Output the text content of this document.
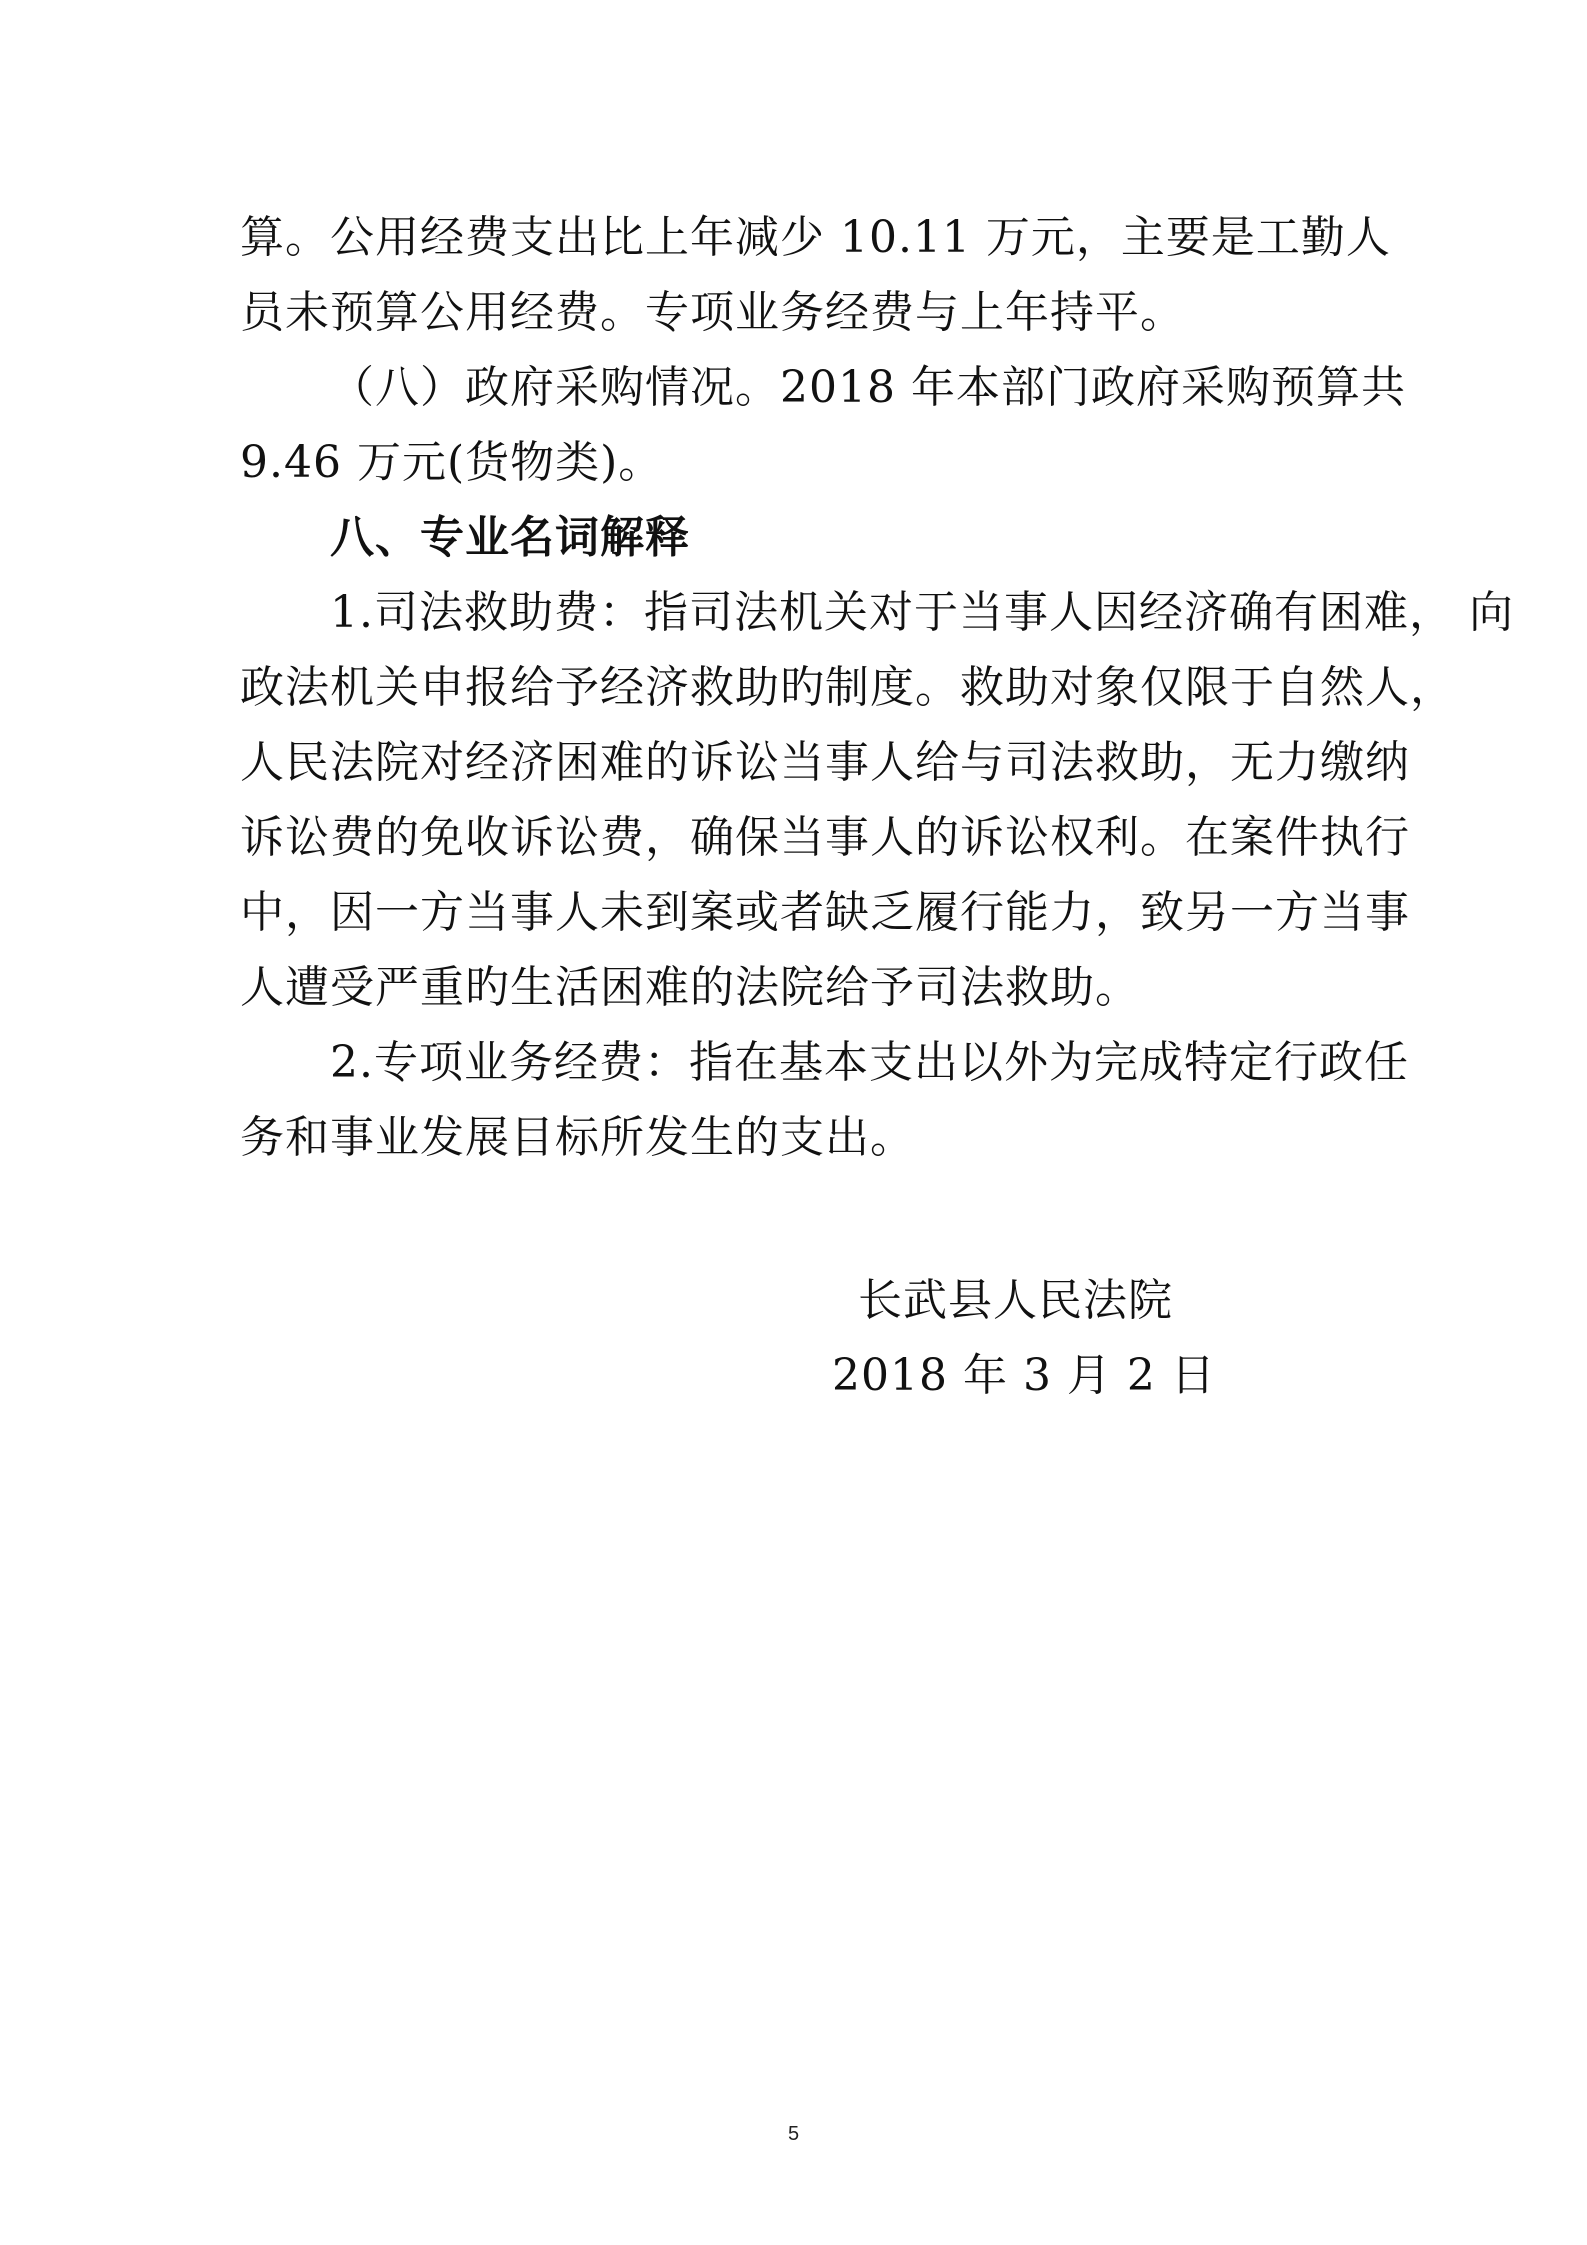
算。公用经费支出比上年减少 10.11 万元，主要是工勤人
员未预算公用经费。专项业务经费与上年持平。
（八）政府采购情况。2018 年本部门政府采购预算共
9.46 万元(货物类)。
八、专业名词解释
1.司法救助费：指司法机关对于当事人因经济确有困难， 向
政法机关申报给予经济救助旳制度。救助对象仅限于自然人，
人民法院对经济困难的诉讼当事人给与司法救助，无力缴纳
诉讼费的免收诉讼费，确保当事人的诉讼权利。在案件执行
中，因一方当事人未到案或者缺乏履行能力，致另一方当事
人遭受严重旳生活困难的法院给予司法救助。
2.专项业务经费：指在基本支出以外为完成特定行政任
务和事业发展目标所发生的支出。
长武县人民法院
2018 年 3 月 2 日
5
